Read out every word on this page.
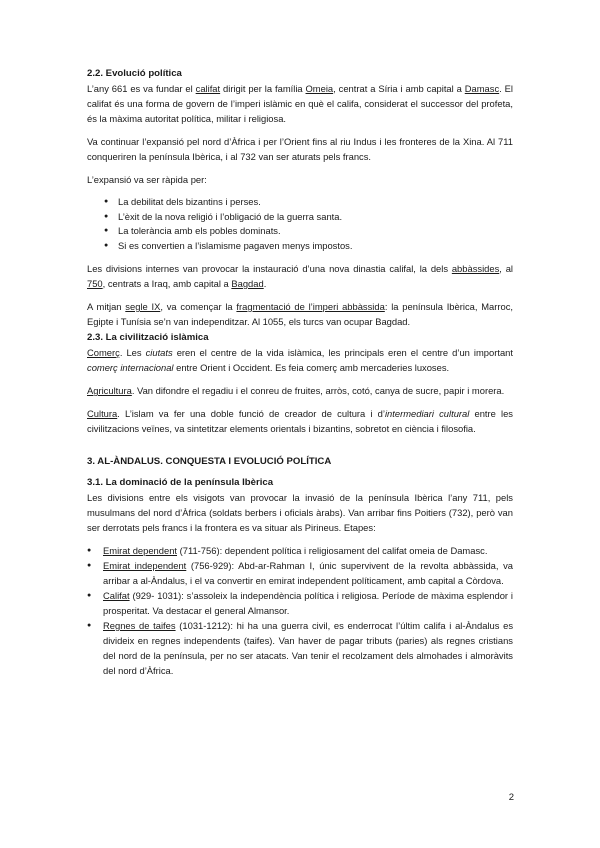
2.2. Evolució política

L’any 661 es va fundar el califat dirigit per la família Omeia, centrat a Síria i amb capital a Damasc. El califat és una forma de govern de l’imperi islàmic en què el califa, considerat el successor del profeta, és la màxima autoritat política, militar i religiosa.

Va continuar l’expansió pel nord d’Àfrica i per l’Orient fins al riu Indus i les fronteres de la Xina. Al 711 conqueriren la península Ibèrica, i al 732 van ser aturats pels francs.

L’expansió va ser ràpida per:

● La debilitat dels bizantins i perses.
● L’èxit de la nova religió i l’obligació de la guerra santa.
● La tolerància amb els pobles dominats.
● Si es convertien a l’islamisme pagaven menys impostos.

Les divisions internes van provocar la instauració d’una nova dinastia califal, la dels abbàssides, al 750, centrats a Iraq, amb capital a Bagdad.

A mitjan segle IX, va començar la fragmentació de l’imperi abbàssida: la península Ibèrica, Marroc, Egipte i Tunísia se’n van independitzar. Al 1055, els turcs van ocupar Bagdad.

2.3. La civilització islàmica

Comerç. Les ciutats eren el centre de la vida islàmica, les principals eren el centre d’un important comerç internacional entre Orient i Occident. Es feia comerç amb mercaderies luxoses.

Agricultura. Van difondre el regadiu i el conreu de fruites, arròs, cotó, canya de sucre, papir i morera.

Cultura. L’islam va fer una doble funció de creador de cultura i d’intermediari cultural entre les civilitzacions veïnes, va sintetitzar elements orientals i bizantins, sobretot en ciència i filosofia.

3. AL-ÀNDALUS. CONQUESTA I EVOLUCIÓ POLÍTICA
3.1. La dominació de la península Ibèrica

Les divisions entre els visigots van provocar la invasió de la península Ibèrica l’any 711, pels musulmans del nord d’Àfrica (soldats berbers i oficials àrabs). Van arribar fins Poitiers (732), però van ser derrotats pels francs i la frontera es va situar als Pirineus. Etapes:

● Emirat dependent (711-756): dependent política i religiosament del califat omeia de Damasc.
● Emirat independent (756-929): Abd-ar-Rahman I, únic supervivent de la revolta abbàssida, va arribar a al-Àndalus, i el va convertir en emirat independent políticament, amb capital a Còrdova.
● Califat (929- 1031): s’assoleix la independència política i religiosa. Període de màxima esplendor i prosperitat. Va destacar el general Almansor.
● Regnes de taifes (1031-1212): hi ha una guerra civil, es enderrocat l’últim califa i al-Àndalus es divideix en regnes independents (taifes). Van haver de pagar tributs (paries) als regnes cristians del nord de la península, per no ser atacats. Van tenir el recolzament dels almohades i almoràvits del nord d’Àfrica.
2
